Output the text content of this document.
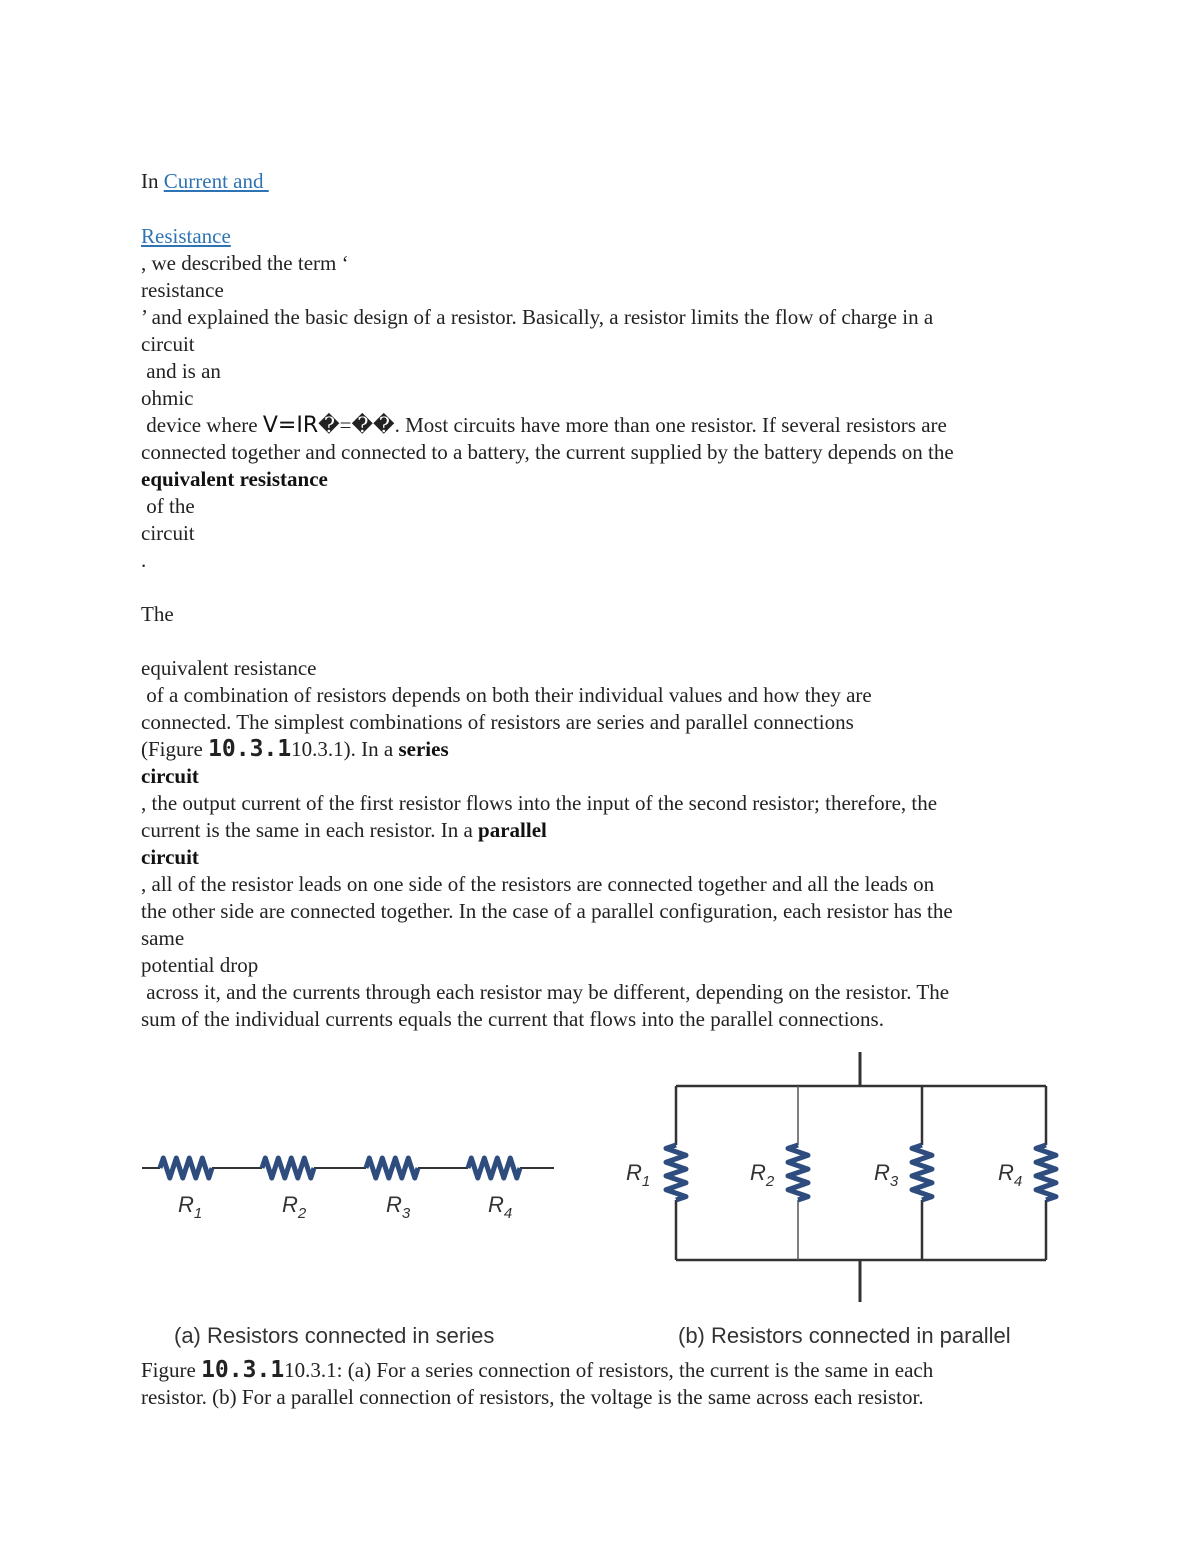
In Current and
Resistance
, we described the term ‘
resistance
’ and explained the basic design of a resistor. Basically, a resistor limits the flow of charge in a
circuit
and is an
ohmic
device where V=IR�=��. Most circuits have more than one resistor. If several resistors are
connected together and connected to a battery, the current supplied by the battery depends on the
equivalent resistance
of the
circuit
.
The
equivalent resistance
of a combination of resistors depends on both their individual values and how they are
connected. The simplest combinations of resistors are series and parallel connections
(Figure 10.3.110.3.1). In a series
circuit
, the output current of the first resistor flows into the input of the second resistor; therefore, the
current is the same in each resistor. In a parallel
circuit
, all of the resistor leads on one side of the resistors are connected together and all the leads on
the other side are connected together. In the case of a parallel configuration, each resistor has the
same
potential drop
across it, and the currents through each resistor may be different, depending on the resistor. The
sum of the individual currents equals the current that flows into the parallel connections.
$R_1$	$R_2$	$R_3$	$R_4$
$R_1$	$R_2$	$R_3$	$R_4$
(a) Resistors connected in series	(b) Resistors connected in parallel
Figure 10.3.110.3.1: (a) For a series connection of resistors, the current is the same in each
resistor. (b) For a parallel connection of resistors, the voltage is the same across each resistor.
